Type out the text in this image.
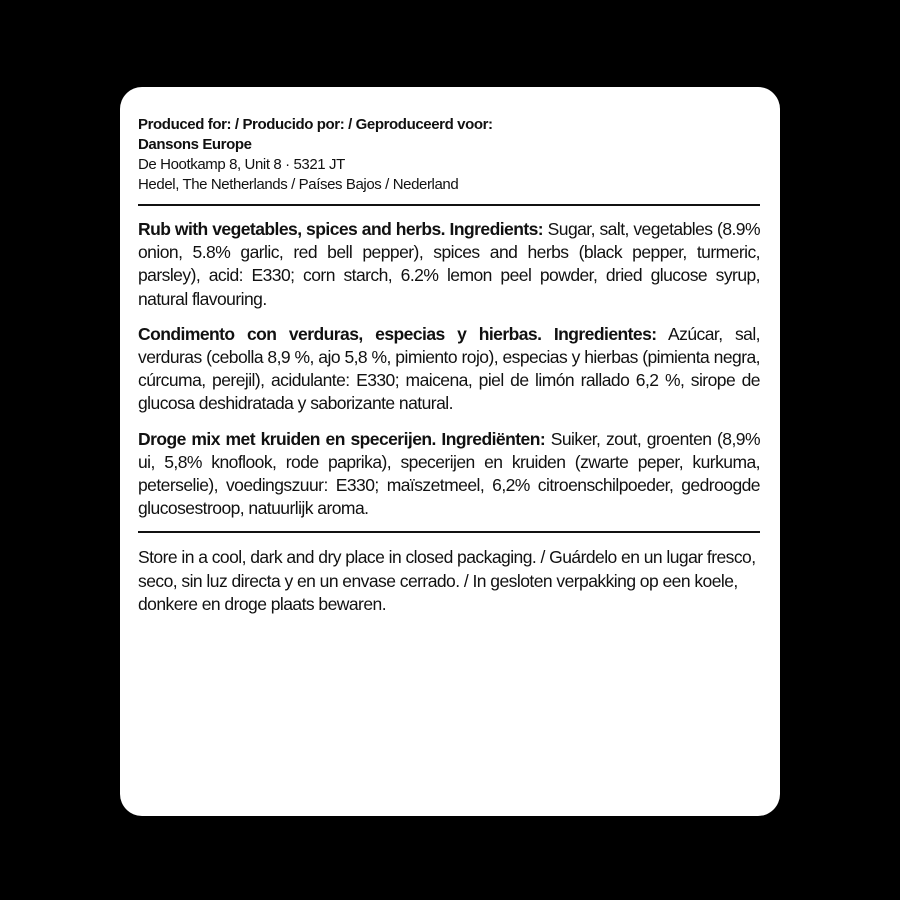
Produced for: / Producido por: / Geproduceerd voor:
Dansons Europe
De Hootkamp 8, Unit 8 · 5321 JT
Hedel, The Netherlands / Países Bajos / Nederland

Rub with vegetables, spices and herbs. Ingredients: Sugar, salt, vegetables (8.9% onion, 5.8% garlic, red bell pepper), spices and herbs (black pepper, turmeric, parsley), acid: E330; corn starch, 6.2% lemon peel powder, dried glucose syrup, natural flavouring.

Condimento con verduras, especias y hierbas. Ingredientes: Azúcar, sal, verduras (cebolla 8,9 %, ajo 5,8 %, pimiento rojo), especias y hierbas (pimienta negra, cúrcuma, perejil), acidulante: E330; maicena, piel de limón rallado 6,2 %, sirope de glucosa deshidratada y saborizante natural.

Droge mix met kruiden en specerijen. Ingrediënten: Suiker, zout, groenten (8,9% ui, 5,8% knoflook, rode paprika), specerijen en kruiden (zwarte peper, kurkuma, peterselie), voedingszuur: E330; maïszetmeel, 6,2% citroenschilpoeder, gedroogde glucosestroop, natuurlijk aroma.

Store in a cool, dark and dry place in closed packaging. / Guárdelo en un lugar fresco, seco, sin luz directa y en un envase cerrado. / In gesloten verpakking op een koele, donkere en droge plaats bewaren.
